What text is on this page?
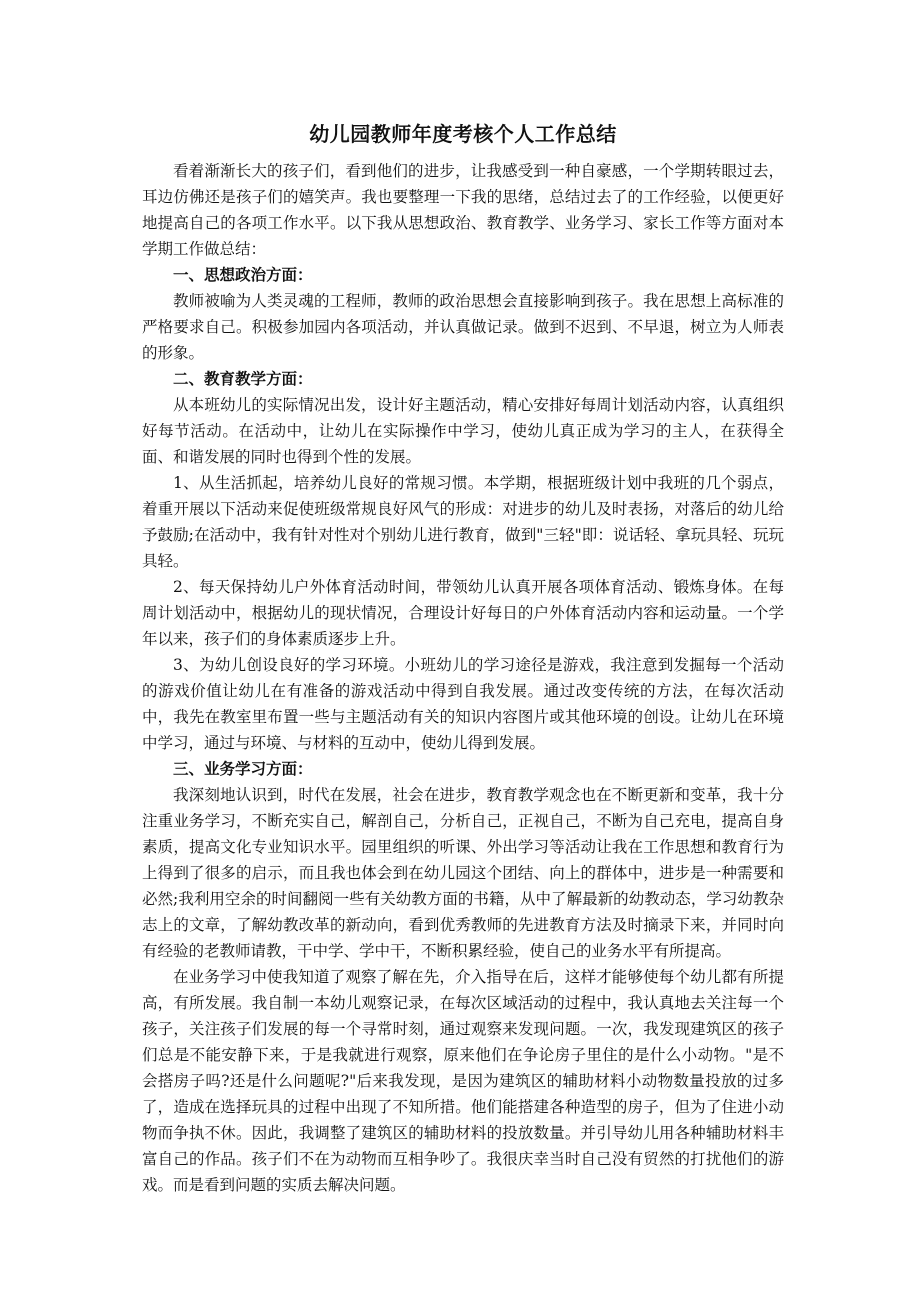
幼儿园教师年度考核个人工作总结

看着渐渐长大的孩子们，看到他们的进步，让我感受到一种自豪感，一个学期转眼过去，耳边仿佛还是孩子们的嬉笑声。我也要整理一下我的思绪，总结过去了的工作经验，以便更好地提高自己的各项工作水平。以下我从思想政治、教育教学、业务学习、家长工作等方面对本学期工作做总结：

一、思想政治方面：

教师被喻为人类灵魂的工程师，教师的政治思想会直接影响到孩子。我在思想上高标准的严格要求自己。积极参加园内各项活动，并认真做记录。做到不迟到、不早退，树立为人师表的形象。

二、教育教学方面：

从本班幼儿的实际情况出发，设计好主题活动，精心安排好每周计划活动内容，认真组织好每节活动。在活动中，让幼儿在实际操作中学习，使幼儿真正成为学习的主人，在获得全面、和谐发展的同时也得到个性的发展。

1、从生活抓起，培养幼儿良好的常规习惯。本学期，根据班级计划中我班的几个弱点，着重开展以下活动来促使班级常规良好风气的形成：对进步的幼儿及时表扬，对落后的幼儿给予鼓励;在活动中，我有针对性对个别幼儿进行教育，做到"三轻"即：说话轻、拿玩具轻、玩玩具轻。

2、每天保持幼儿户外体育活动时间，带领幼儿认真开展各项体育活动、锻炼身体。在每周计划活动中，根据幼儿的现状情况，合理设计好每日的户外体育活动内容和运动量。一个学年以来，孩子们的身体素质逐步上升。

3、为幼儿创设良好的学习环境。小班幼儿的学习途径是游戏，我注意到发掘每一个活动的游戏价值让幼儿在有准备的游戏活动中得到自我发展。通过改变传统的方法，在每次活动中，我先在教室里布置一些与主题活动有关的知识内容图片或其他环境的创设。让幼儿在环境中学习，通过与环境、与材料的互动中，使幼儿得到发展。

三、业务学习方面：

我深刻地认识到，时代在发展，社会在进步，教育教学观念也在不断更新和变革，我十分注重业务学习，不断充实自己，解剖自己，分析自己，正视自己，不断为自己充电，提高自身素质，提高文化专业知识水平。园里组织的听课、外出学习等活动让我在工作思想和教育行为上得到了很多的启示，而且我也体会到在幼儿园这个团结、向上的群体中，进步是一种需要和必然;我利用空余的时间翻阅一些有关幼教方面的书籍，从中了解最新的幼教动态，学习幼教杂志上的文章，了解幼教改革的新动向，看到优秀教师的先进教育方法及时摘录下来，并同时向有经验的老教师请教，干中学、学中干，不断积累经验，使自己的业务水平有所提高。

在业务学习中使我知道了观察了解在先，介入指导在后，这样才能够使每个幼儿都有所提高，有所发展。我自制一本幼儿观察记录，在每次区域活动的过程中，我认真地去关注每一个孩子，关注孩子们发展的每一个寻常时刻，通过观察来发现问题。一次，我发现建筑区的孩子们总是不能安静下来，于是我就进行观察，原来他们在争论房子里住的是什么小动物。"是不会搭房子吗?还是什么问题呢?"后来我发现，是因为建筑区的辅助材料小动物数量投放的过多了，造成在选择玩具的过程中出现了不知所措。他们能搭建各种造型的房子，但为了住进小动物而争执不休。因此，我调整了建筑区的辅助材料的投放数量。并引导幼儿用各种辅助材料丰富自己的作品。孩子们不在为动物而互相争吵了。我很庆幸当时自己没有贸然的打扰他们的游戏。而是看到问题的实质去解决问题。
